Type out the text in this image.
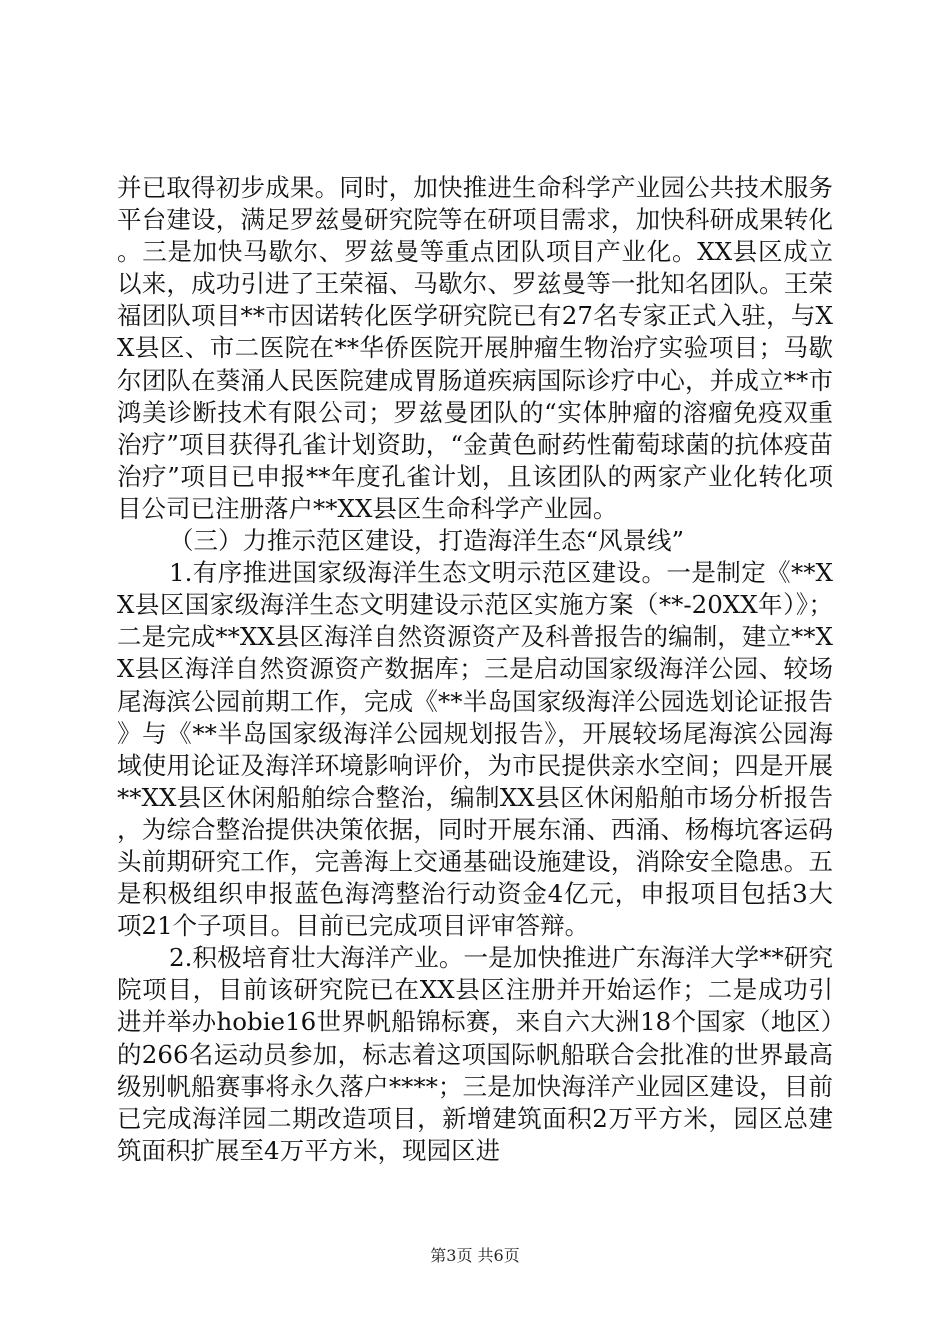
并已取得初步成果。同时，加快推进生命科学产业园公共技术服务平台建设，满足罗兹曼研究院等在研项目需求，加快科研成果转化。三是加快马歇尔、罗兹曼等重点团队项目产业化。XX县区成立以来，成功引进了王荣福、马歇尔、罗兹曼等一批知名团队。王荣福团队项目**市因诺转化医学研究院已有27名专家正式入驻，与XX县区、市二医院在**华侨医院开展肿瘤生物治疗实验项目；马歇尔团队在葵涌人民医院建成胃肠道疾病国际诊疗中心，并成立**市鸿美诊断技术有限公司；罗兹曼团队的“实体肿瘤的溶瘤免疫双重治疗”项目获得孔雀计划资助，“金黄色耐药性葡萄球菌的抗体疫苗治疗”项目已申报**年度孔雀计划，且该团队的两家产业化转化项目公司已注册落户**XX县区生命科学产业园。

（三）力推示范区建设，打造海洋生态“风景线”

1.有序推进国家级海洋生态文明示范区建设。一是制定《**XX县区国家级海洋生态文明建设示范区实施方案（**-20XX年）》；二是完成**XX县区海洋自然资源资产及科普报告的编制，建立**XX县区海洋自然资源资产数据库；三是启动国家级海洋公园、较场尾海滨公园前期工作，完成《**半岛国家级海洋公园选划论证报告》与《**半岛国家级海洋公园规划报告》，开展较场尾海滨公园海域使用论证及海洋环境影响评价，为市民提供亲水空间；四是开展**XX县区休闲船舶综合整治，编制XX县区休闲船舶市场分析报告，为综合整治提供决策依据，同时开展东涌、西涌、杨梅坑客运码头前期研究工作，完善海上交通基础设施建设，消除安全隐患。五是积极组织申报蓝色海湾整治行动资金4亿元，申报项目包括3大项21个子项目。目前已完成项目评审答辩。

2.积极培育壮大海洋产业。一是加快推进广东海洋大学**研究院项目，目前该研究院已在XX县区注册并开始运作；二是成功引进并举办hobie16世界帆船锦标赛，来自六大洲18个国家（地区）的266名运动员参加，标志着这项国际帆船联合会批准的世界最高级别帆船赛事将永久落户****；三是加快海洋产业园区建设，目前已完成海洋园二期改造项目，新增建筑面积2万平方米，园区总建筑面积扩展至4万平方米，现园区进

第3页 共6页
